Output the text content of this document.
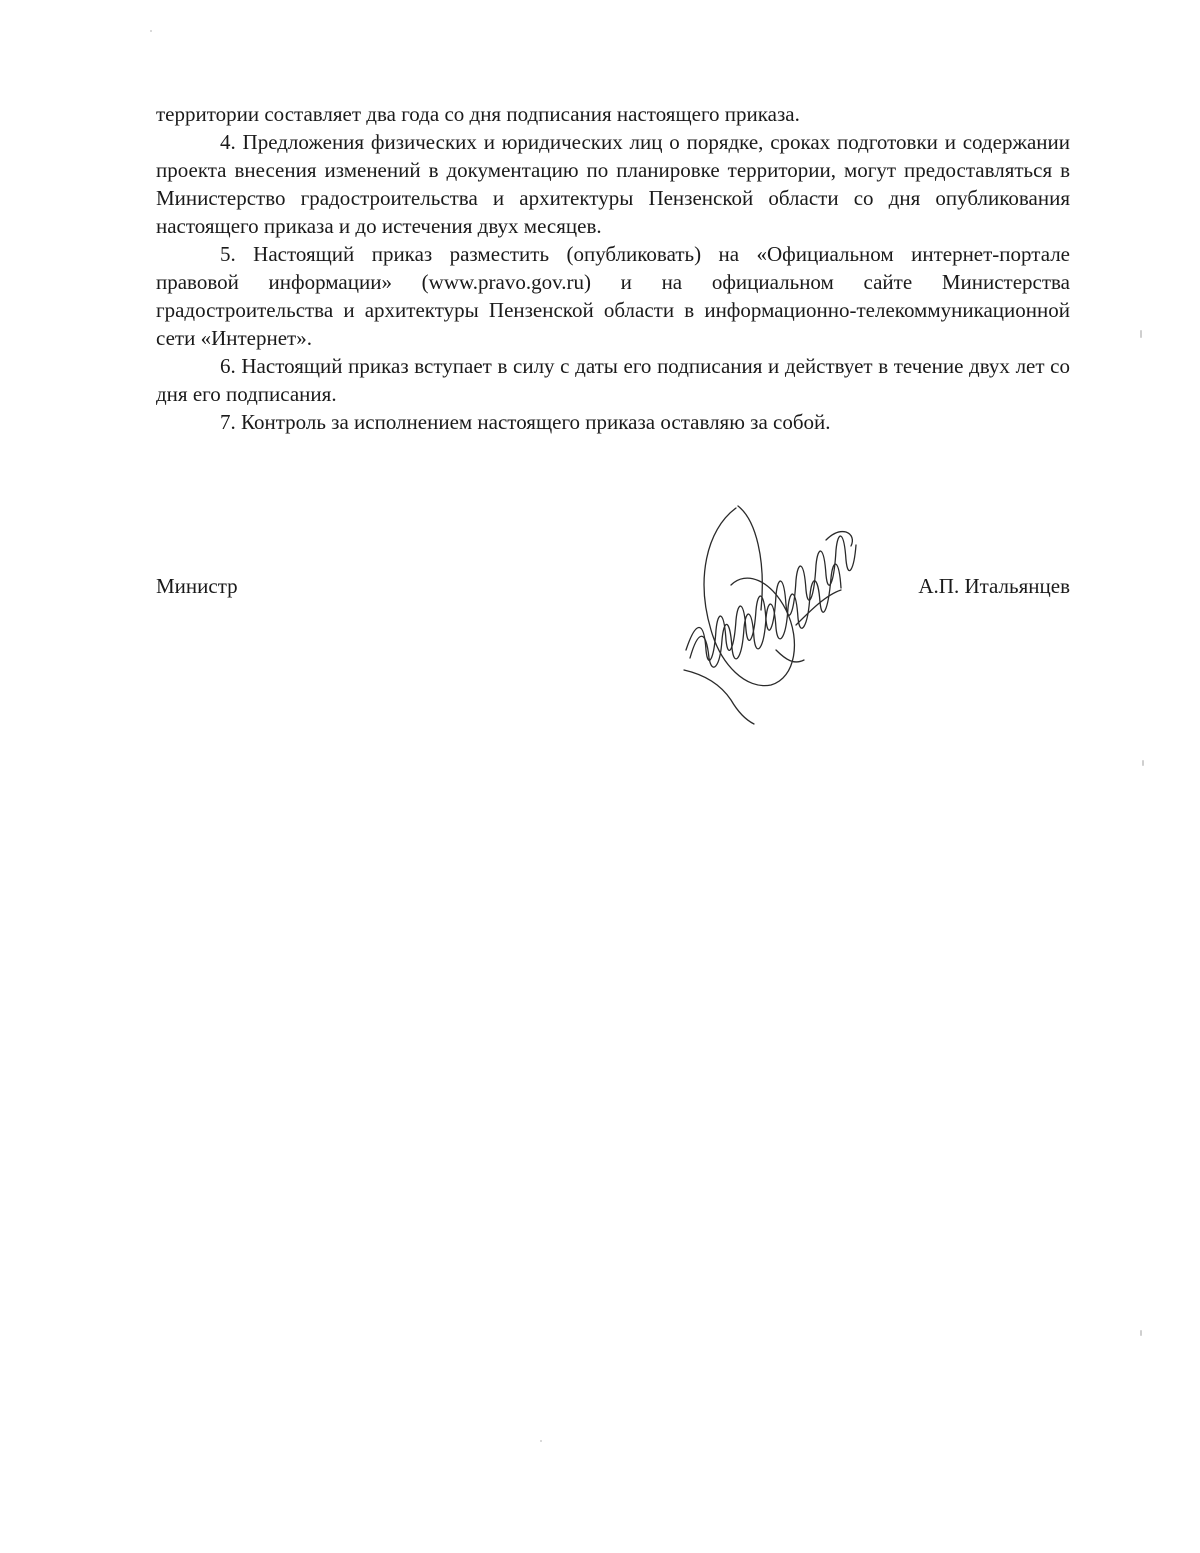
территории составляет два года со дня подписания настоящего приказа.

4. Предложения физических и юридических лиц о порядке, сроках подготовки и содержании проекта внесения изменений в документацию по планировке территории, могут предоставляться в Министерство градостроительства и архитектуры Пензенской области со дня опубликования настоящего приказа и до истечения двух месяцев.

5. Настоящий приказ разместить (опубликовать) на «Официальном интернет-портале правовой информации» (www.pravo.gov.ru) и на официальном сайте Министерства градостроительства и архитектуры Пензенской области в информационно-телекоммуникационной сети «Интернет».

6. Настоящий приказ вступает в силу с даты его подписания и действует в течение двух лет со дня его подписания.

7. Контроль за исполнением настоящего приказа оставляю за собой.

Министр	А.П. Итальянцев
